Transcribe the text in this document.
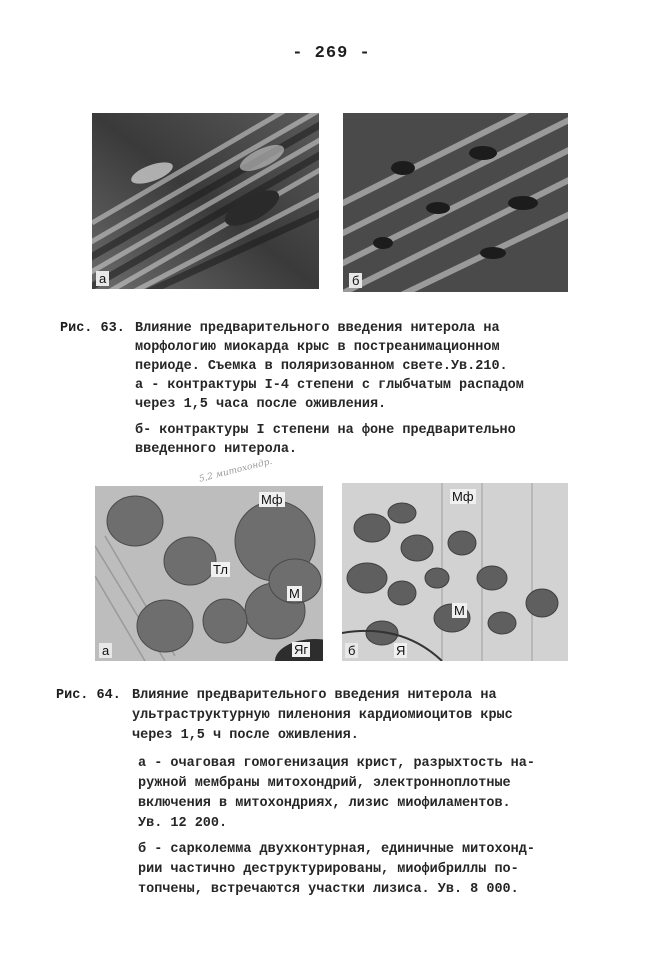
- 269 -
а	б
Рис. 63. Влияние предварительного введения нитерола на
морфологию миокарда крыс в постреанимационном
периоде. Съемка в поляризованном свете.Ув.210.
а - контрактуры I-4 степени с глыбчатым распадом
через 1,5 часа после оживления.
б- контрактуры I степени на фоне предварительно
введенного нитерола.
5,2 митохондр.
Мф
Тл
М
Яг
а
Мф
М
Я
б
Рис. 64. Влияние предварительного введения нитерола на
ультраструктурную пиленония кардиомиоцитов крыс
через 1,5 ч после оживления.
а - очаговая гомогенизация крист, разрыхтость на-
ружной мембраны митохондрий, электронноплотные
включения в митохондриях, лизис миофиламентов.
Ув. 12 200.
б - сарколемма двухконтурная, единичные митохонд-
рии частично деструктурированы, миофибриллы по-
топчены, встречаются участки лизиса. Ув. 8 000.
